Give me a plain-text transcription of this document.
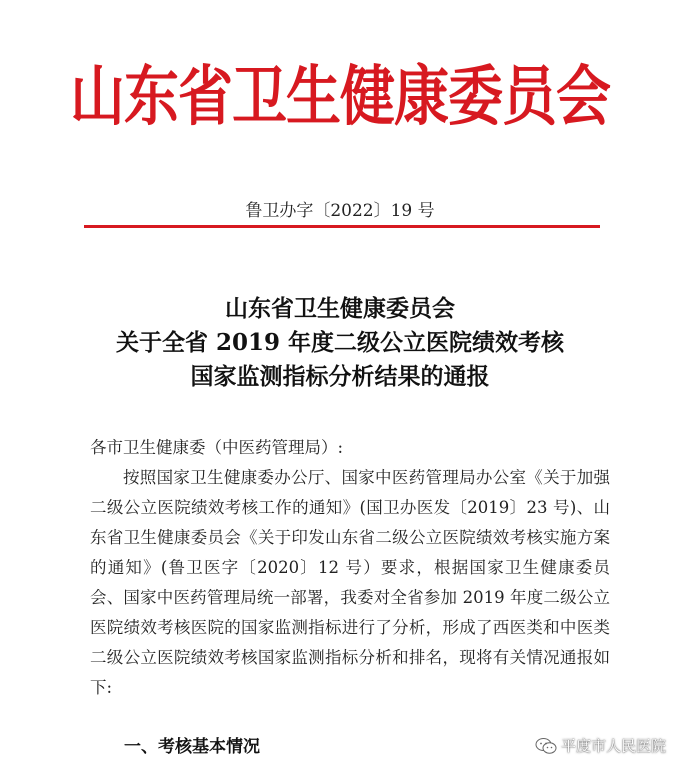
山东省卫生健康委员会
鲁卫办字〔2022〕19 号
山东省卫生健康委员会
关于全省 2019 年度二级公立医院绩效考核
国家监测指标分析结果的通报

各市卫生健康委（中医药管理局）:

按照国家卫生健康委办公厅、国家中医药管理局办公室《关于加强二级公立医院绩效考核工作的通知》(国卫办医发〔2019〕23 号)、山东省卫生健康委员会《关于印发山东省二级公立医院绩效考核实施方案的通知》(鲁卫医字〔2020〕12 号）要求，根据国家卫生健康委员会、国家中医药管理局统一部署，我委对全省参加 2019 年度二级公立医院绩效考核医院的国家监测指标进行了分析，形成了西医类和中医类二级公立医院绩效考核国家监测指标分析和排名，现将有关情况通报如下:

一、考核基本情况	平度市人民医院
